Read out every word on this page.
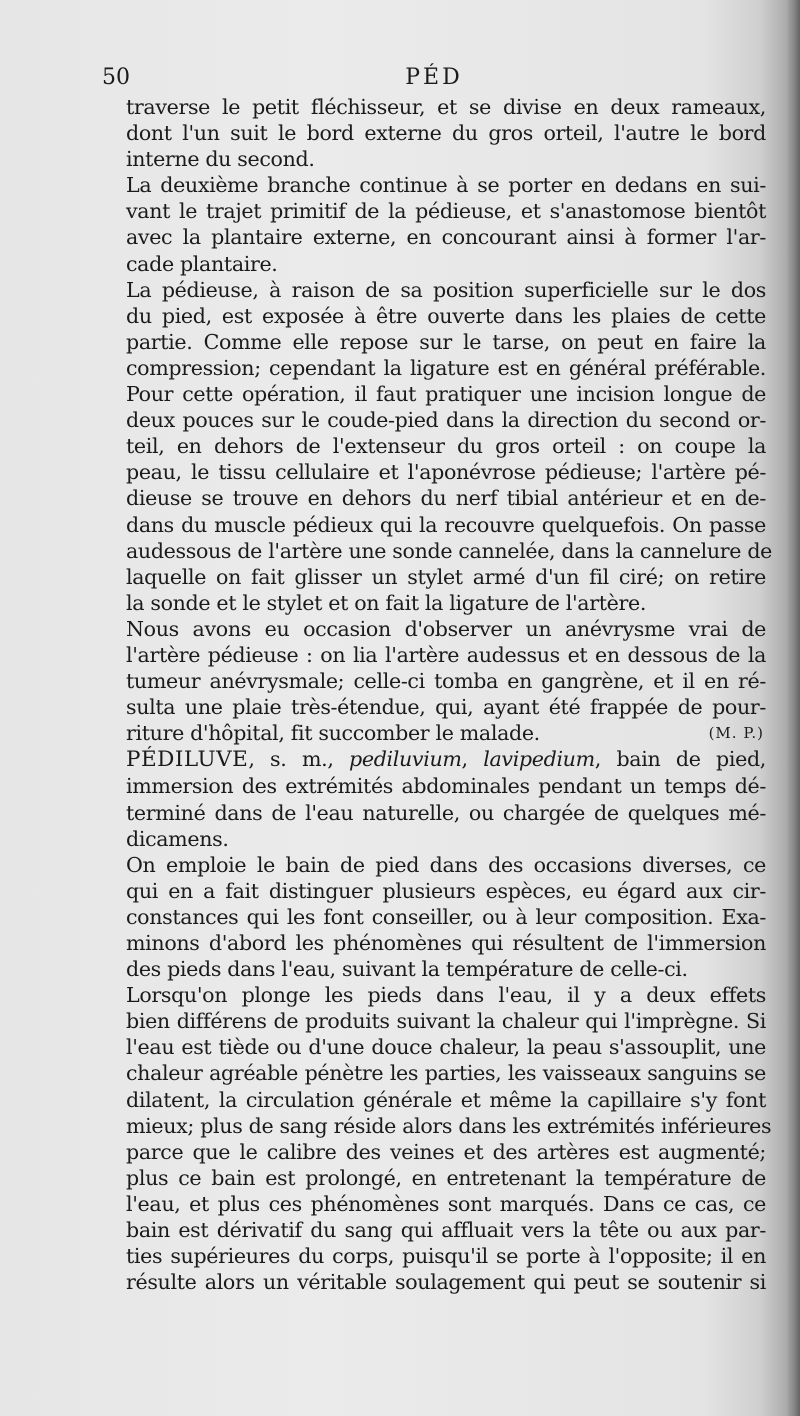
50	PÉD

traverse le petit fléchisseur, et se divise en deux rameaux,
dont l'un suit le bord externe du gros orteil, l'autre le bord
interne du second.

La deuxième branche continue à se porter en dedans en sui-
vant le trajet primitif de la pédieuse, et s'anastomose bientôt
avec la plantaire externe, en concourant ainsi à former l'ar-
cade plantaire.

La pédieuse, à raison de sa position superficielle sur le dos
du pied, est exposée à être ouverte dans les plaies de cette
partie. Comme elle repose sur le tarse, on peut en faire la
compression; cependant la ligature est en général préférable.
Pour cette opération, il faut pratiquer une incision longue de
deux pouces sur le coude-pied dans la direction du second or-
teil, en dehors de l'extenseur du gros orteil : on coupe la
peau, le tissu cellulaire et l'aponévrose pédieuse; l'artère pé-
dieuse se trouve en dehors du nerf tibial antérieur et en de-
dans du muscle pédieux qui la recouvre quelquefois. On passe
audessous de l'artère une sonde cannelée, dans la cannelure de
laquelle on fait glisser un stylet armé d'un fil ciré; on retire
la sonde et le stylet et on fait la ligature de l'artère.

Nous avons eu occasion d'observer un anévrysme vrai de
l'artère pédieuse : on lia l'artère audessus et en dessous de la
tumeur anévrysmale; celle-ci tomba en gangrène, et il en ré-
sulta une plaie très-étendue, qui, ayant été frappée de pour-
(M. P.)
riture d'hôpital, fit succomber le malade.

PÉDILUVE, s. m., pediluvium, lavipedium, bain de pied,
immersion des extrémités abdominales pendant un temps dé-
terminé dans de l'eau naturelle, ou chargée de quelques mé-
dicamens.

On emploie le bain de pied dans des occasions diverses, ce
qui en a fait distinguer plusieurs espèces, eu égard aux cir-
constances qui les font conseiller, ou à leur composition. Exa-
minons d'abord les phénomènes qui résultent de l'immersion
des pieds dans l'eau, suivant la température de celle-ci.

Lorsqu'on plonge les pieds dans l'eau, il y a deux effets
bien différens de produits suivant la chaleur qui l'imprègne. Si
l'eau est tiède ou d'une douce chaleur, la peau s'assouplit, une
chaleur agréable pénètre les parties, les vaisseaux sanguins se
dilatent, la circulation générale et même la capillaire s'y font
mieux; plus de sang réside alors dans les extrémités inférieures
parce que le calibre des veines et des artères est augmenté;
plus ce bain est prolongé, en entretenant la température de
l'eau, et plus ces phénomènes sont marqués. Dans ce cas, ce
bain est dérivatif du sang qui affluait vers la tête ou aux par-
ties supérieures du corps, puisqu'il se porte à l'opposite; il en
résulte alors un véritable soulagement qui peut se soutenir si
